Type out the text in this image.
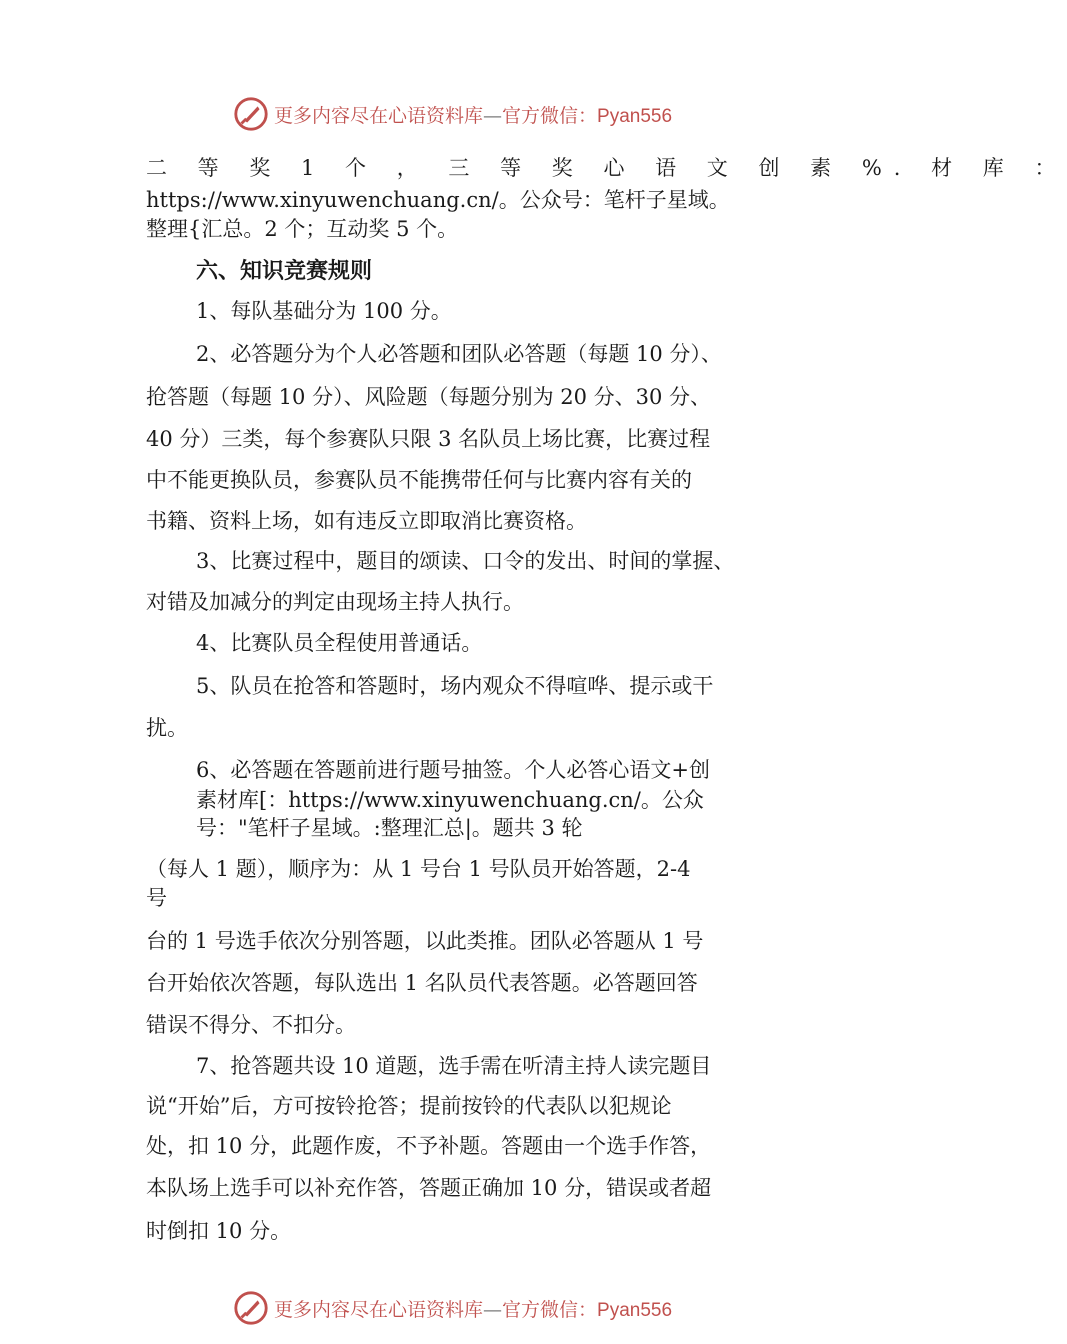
更多内容尽在心语资料库—官方微信：Pyan556
二 等 奖 1 个 ， 三 等 奖 心 语 文 创 素 %. 材 库 ：
https://www.xinyuwenchuang.cn/。公众号：笔杆子星域。
整理{汇总。2 个；互动奖 5 个。
六、知识竞赛规则
1、每队基础分为 100 分。
2、必答题分为个人必答题和团队必答题（每题 10 分）、
抢答题（每题 10 分）、风险题（每题分别为 20 分、30 分、
40 分）三类，每个参赛队只限 3 名队员上场比赛，比赛过程
中不能更换队员，参赛队员不能携带任何与比赛内容有关的
书籍、资料上场，如有违反立即取消比赛资格。
3、比赛过程中，题目的颂读、口令的发出、时间的掌握、
对错及加减分的判定由现场主持人执行。
4、比赛队员全程使用普通话。
5、队员在抢答和答题时，场内观众不得喧哗、提示或干
扰。
6、必答题在答题前进行题号抽签。个人必答心语文+创
素材库[：https://www.xinyuwenchuang.cn/。公众
号："笔杆子星域。:整理汇总|。题共 3 轮
（每人 1 题），顺序为：从 1 号台 1 号队员开始答题，2-4
号
台的 1 号选手依次分别答题，以此类推。团队必答题从 1 号
台开始依次答题，每队选出 1 名队员代表答题。必答题回答
错误不得分、不扣分。
7、抢答题共设 10 道题，选手需在听清主持人读完题目
说“开始”后，方可按铃抢答；提前按铃的代表队以犯规论
处，扣 10 分，此题作废，不予补题。答题由一个选手作答，
本队场上选手可以补充作答，答题正确加 10 分，错误或者超
时倒扣 10 分。
更多内容尽在心语资料库—官方微信：Pyan556
